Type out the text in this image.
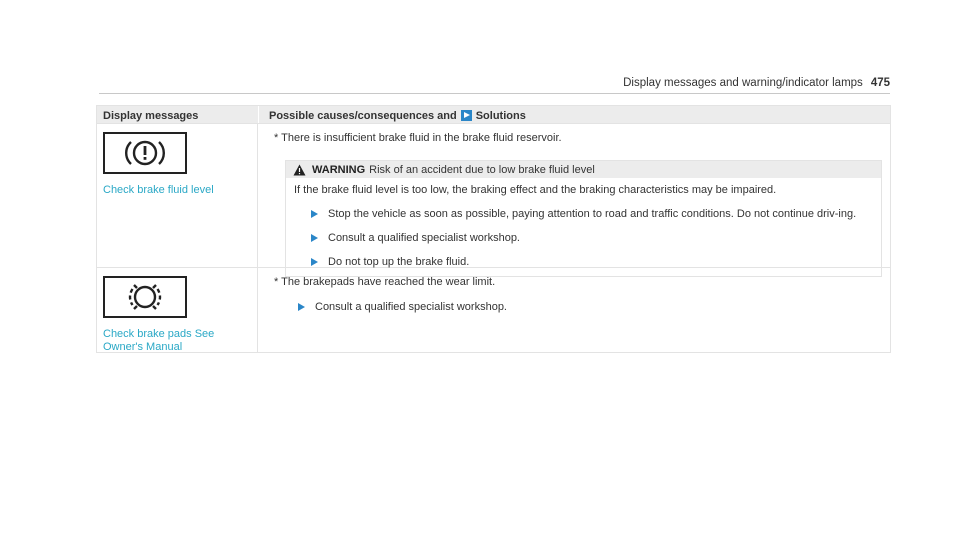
Display messages and warning/indicator lamps 475
Display messages	Possible causes/consequences and Solutions
Check brake fluid level
* There is insufficient brake fluid in the brake fluid reservoir.
WARNING Risk of an accident due to low brake fluid level
If the brake fluid level is too low, the braking effect and the braking characteristics may be impaired.
Stop the vehicle as soon as possible, paying attention to road and traffic conditions. Do not continue driv-ing.
Consult a qualified specialist workshop.
Do not top up the brake fluid.
Check brake pads See Owner's Manual
* The brakepads have reached the wear limit.
Consult a qualified specialist workshop.
